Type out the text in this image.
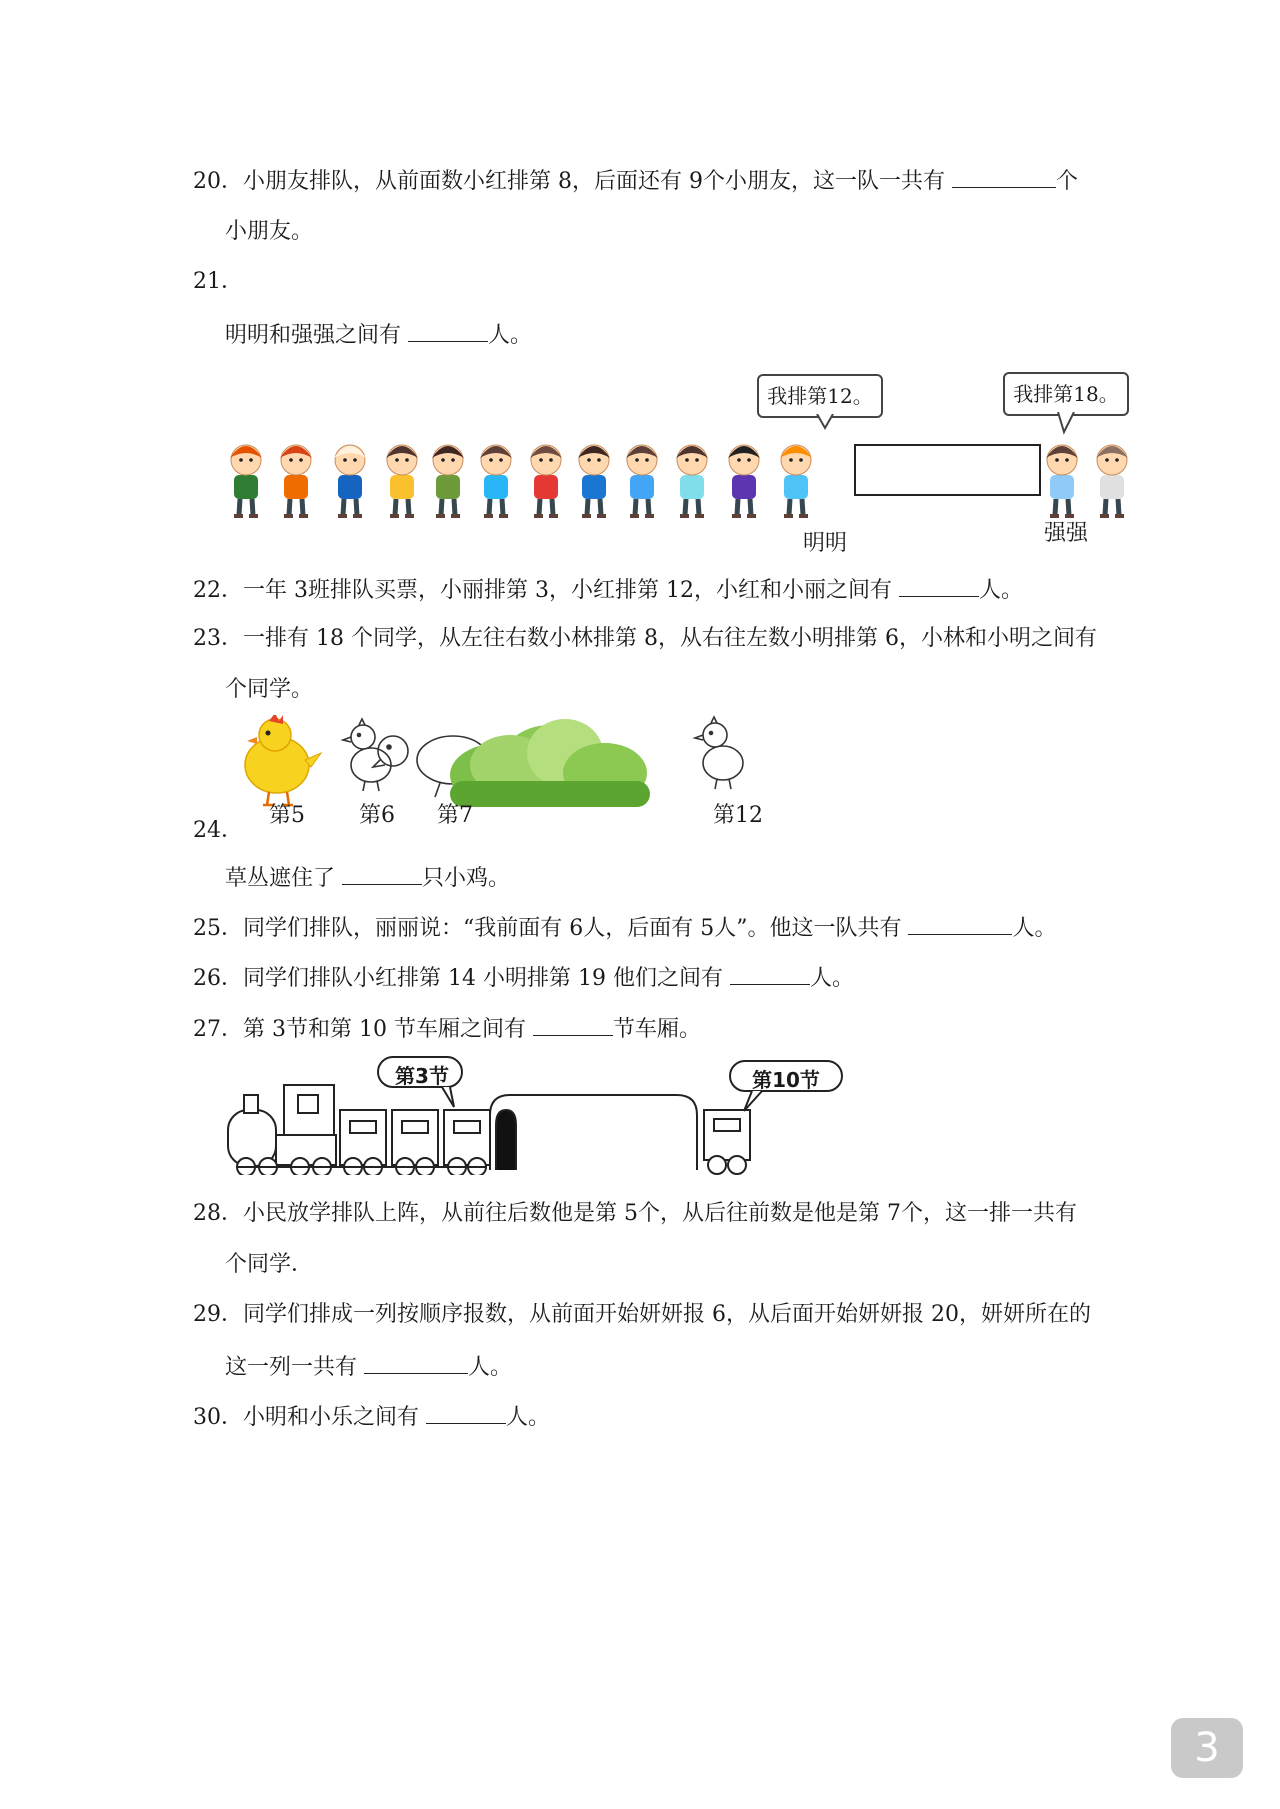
20．小朋友排队，从前面数小红排第 8，后面还有 9个小朋友，这一队一共有	个
小朋友。
21．
明明和强强之间有	人。
我排第12。	我排第18。
明明	强强
22．一年 3班排队买票，小丽排第 3，小红排第 12，小红和小丽之间有	人。
23．一排有 18 个同学，从左往右数小林排第 8，从右往左数小明排第 6，小林和小明之间有
个同学。
第5 第6 第7	第12
24．
草丛遮住了	只小鸡。
25．同学们排队，丽丽说：“我前面有 6人，后面有 5人”。他这一队共有	人。
26．同学们排队小红排第 14 小明排第 19 他们之间有	人。
27．第 3节和第 10 节车厢之间有	节车厢。
第3节	第10节
28．小民放学排队上阵，从前往后数他是第 5个，从后往前数是他是第 7个，这一排一共有
个同学．
29．同学们排成一列按顺序报数，从前面开始妍妍报 6，从后面开始妍妍报 20，妍妍所在的
这一列一共有	人。
30．小明和小乐之间有	人。
3
